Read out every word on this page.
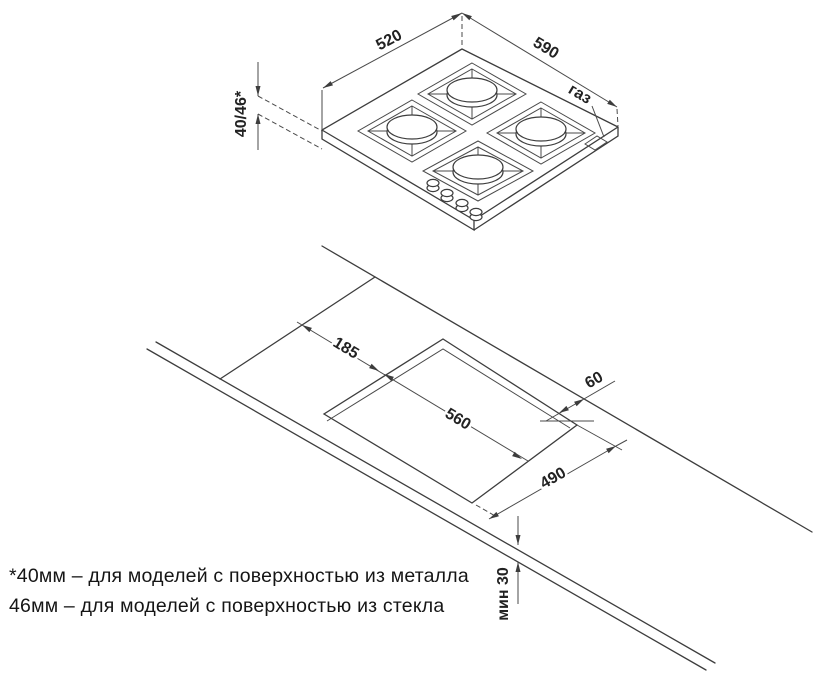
газ
520	590
40/46*
185
560
60
490
мин 30
*40мм – для моделей с поверхностью из металла
46мм – для моделей с поверхностью из стекла
